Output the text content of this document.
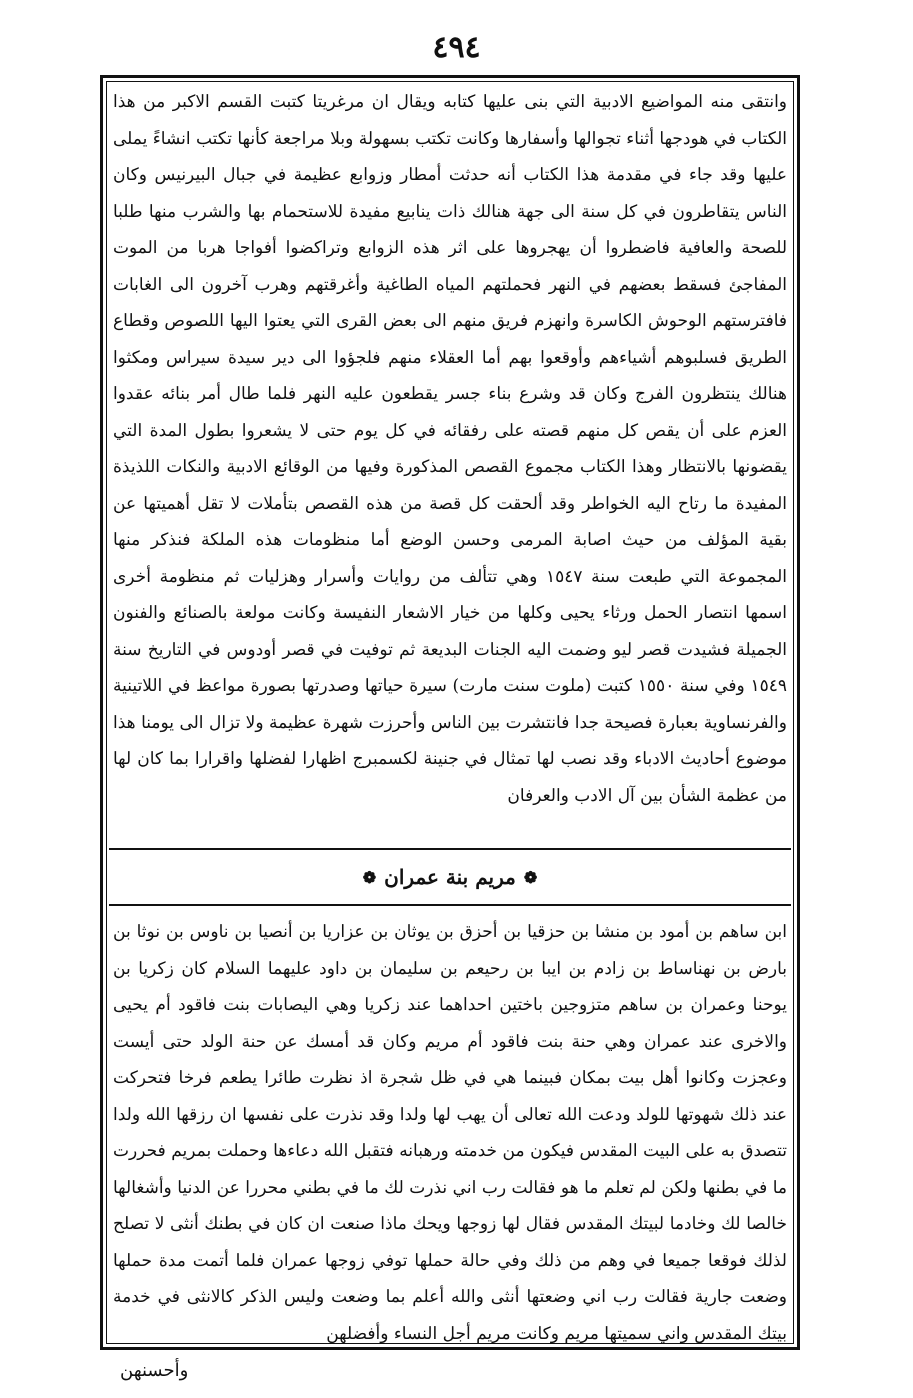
٤٩٤

وانتقى منه المواضيع الادبية التي بنى عليها كتابه ويقال ان مرغريتا كتبت القسم الاكبر من هذا الكتاب في هودجها أثناء تجوالها وأسفارها وكانت تكتب بسهولة وبلا مراجعة كأنها تكتب انشاءً يملى عليها وقد جاء في مقدمة هذا الكتاب أنه حدثت أمطار وزوابع عظيمة في جبال البيرنيس وكان الناس يتقاطرون في كل سنة الى جهة هنالك ذات ينابيع مفيدة للاستحمام بها والشرب منها طلبا للصحة والعافية فاضطروا أن يهجروها على اثر هذه الزوابع وتراكضوا أفواجا هربا من الموت المفاجئ فسقط بعضهم في النهر فحملتهم المياه الطاغية وأغرقتهم وهرب آخرون الى الغابات فافترستهم الوحوش الكاسرة وانهزم فريق منهم الى بعض القرى التي يعتوا اليها اللصوص وقطاع الطريق فسلبوهم أشياءهم وأوقعوا بهم أما العقلاء منهم فلجؤوا الى دير سيدة سيراس ومكثوا هنالك ينتظرون الفرج وكان قد وشرع بناء جسر يقطعون عليه النهر فلما طال أمر بنائه عقدوا العزم على أن يقص كل منهم قصته على رفقائه في كل يوم حتى لا يشعروا بطول المدة التي يقضونها بالانتظار وهذا الكتاب مجموع القصص المذكورة وفيها من الوقائع الادبية والنكات اللذيذة المفيدة ما رتاح اليه الخواطر وقد ألحقت كل قصة من هذه القصص بتأملات لا تقل أهميتها عن بقية المؤلف من حيث اصابة المرمى وحسن الوضع أما منظومات هذه الملكة فنذكر منها المجموعة التي طبعت سنة ١٥٤٧ وهي تتألف من روايات وأسرار وهزليات ثم منظومة أخرى اسمها انتصار الحمل ورثاء يحيى وكلها من خيار الاشعار النفيسة وكانت مولعة بالصنائع والفنون الجميلة فشيدت قصر ليو وضمت اليه الجنات البديعة ثم توفيت في قصر أودوس في التاريخ سنة ١٥٤٩ وفي سنة ١٥٥٠ كتبت (ملوت سنت مارت) سيرة حياتها وصدرتها بصورة مواعظ في اللاتينية والفرنساوية بعبارة فصيحة جدا فانتشرت بين الناس وأحرزت شهرة عظيمة ولا تزال الى يومنا هذا موضوع أحاديث الادباء وقد نصب لها تمثال في جنينة لكسمبرج اظهارا لفضلها واقرارا بما كان لها من عظمة الشأن بين آل الادب والعرفان

❁
مريم بنة عمران
❁

ابن ساهم بن أمود بن منشا بن حزقيا بن أحزق بن يوثان بن عزاريا بن أنصيا بن ناوس بن نوثا بن بارض بن نهناساط بن زادم بن ايبا بن رحيعم بن سليمان بن داود عليهما السلام كان زكريا بن يوحنا وعمران بن ساهم متزوجين باختين احداهما عند زكريا وهي اليصابات بنت فاقود أم يحيى والاخرى عند عمران وهي حنة بنت فاقود أم مريم وكان قد أمسك عن حنة الولد حتى أيست وعجزت وكانوا أهل بيت بمكان فبينما هي في ظل شجرة اذ نظرت طائرا يطعم فرخا فتحركت عند ذلك شهوتها للولد ودعت الله تعالى أن يهب لها ولدا وقد نذرت على نفسها ان رزقها الله ولدا تتصدق به على البيت المقدس فيكون من خدمته ورهبانه فتقبل الله دعاءها وحملت بمريم فحررت ما في بطنها ولكن لم تعلم ما هو فقالت رب اني نذرت لك ما في بطني محررا عن الدنيا وأشغالها خالصا لك وخادما لبيتك المقدس فقال لها زوجها ويحك ماذا صنعت ان كان في بطنك أنثى لا تصلح لذلك فوقعا جميعا في وهم من ذلك وفي حالة حملها توفي زوجها عمران فلما أتمت مدة حملها وضعت جارية فقالت رب اني وضعتها أنثى والله أعلم بما وضعت وليس الذكر كالانثى في خدمة بيتك المقدس واني سميتها مريم وكانت مريم أجل النساء وأفضلهن

وأحسنهن
